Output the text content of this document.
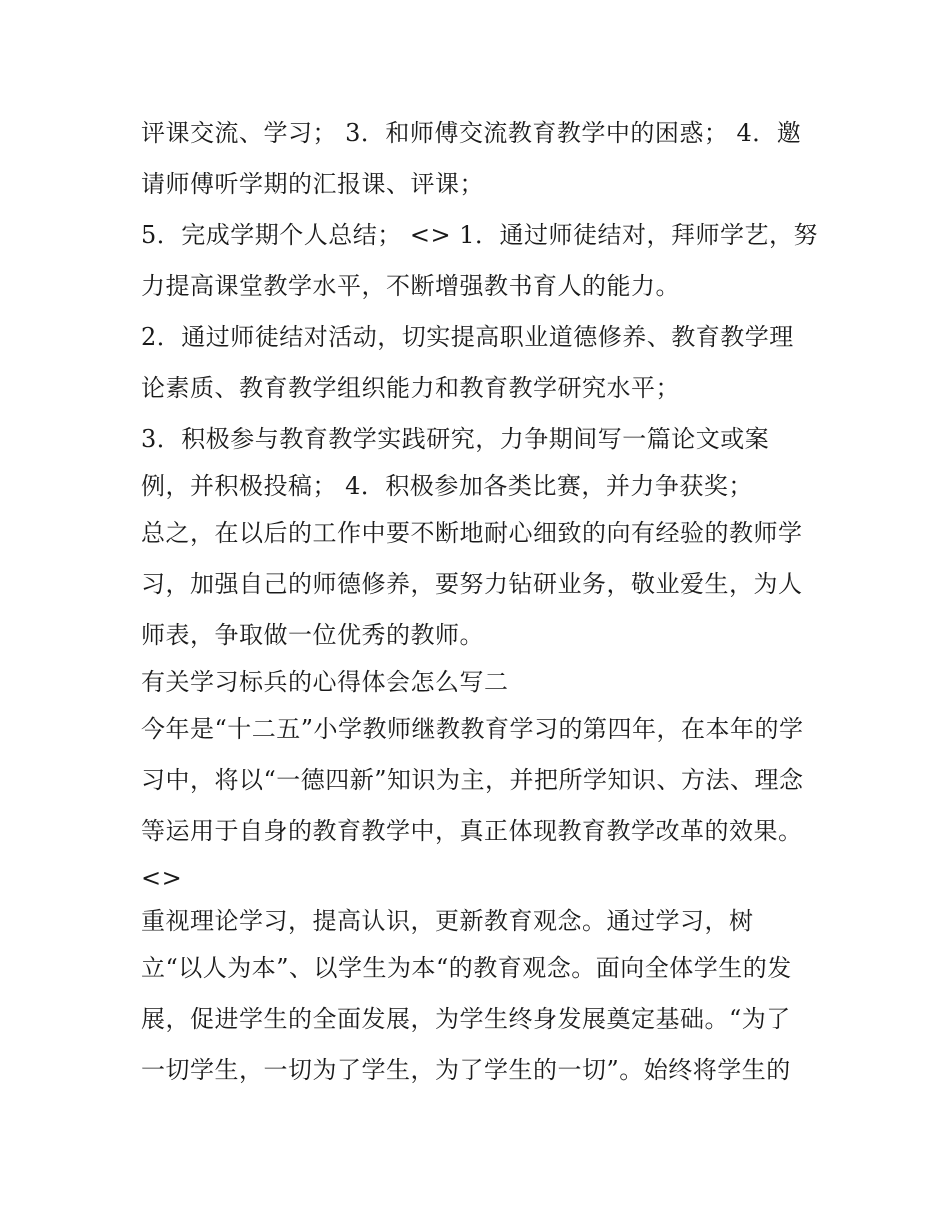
评课交流、学习； 3．和师傅交流教育教学中的困惑； 4．邀
请师傅听学期的汇报课、评课；
5．完成学期个人总结； <> 1．通过师徒结对，拜师学艺，努
力提高课堂教学水平，不断增强教书育人的能力。
2．通过师徒结对活动，切实提高职业道德修养、教育教学理
论素质、教育教学组织能力和教育教学研究水平；
3．积极参与教育教学实践研究，力争期间写一篇论文或案
例，并积极投稿； 4．积极参加各类比赛，并力争获奖；
总之，在以后的工作中要不断地耐心细致的向有经验的教师学
习，加强自己的师德修养，要努力钻研业务，敬业爱生，为人
师表，争取做一位优秀的教师。
有关学习标兵的心得体会怎么写二
今年是“十二五”小学教师继教教育学习的第四年，在本年的学
习中，将以“一德四新”知识为主，并把所学知识、方法、理念
等运用于自身的教育教学中，真正体现教育教学改革的效果。
<>
重视理论学习，提高认识，更新教育观念。通过学习，树
立“以人为本”、以学生为本“的教育观念。面向全体学生的发
展，促进学生的全面发展，为学生终身发展奠定基础。“为了
一切学生，一切为了学生，为了学生的一切”。始终将学生的
